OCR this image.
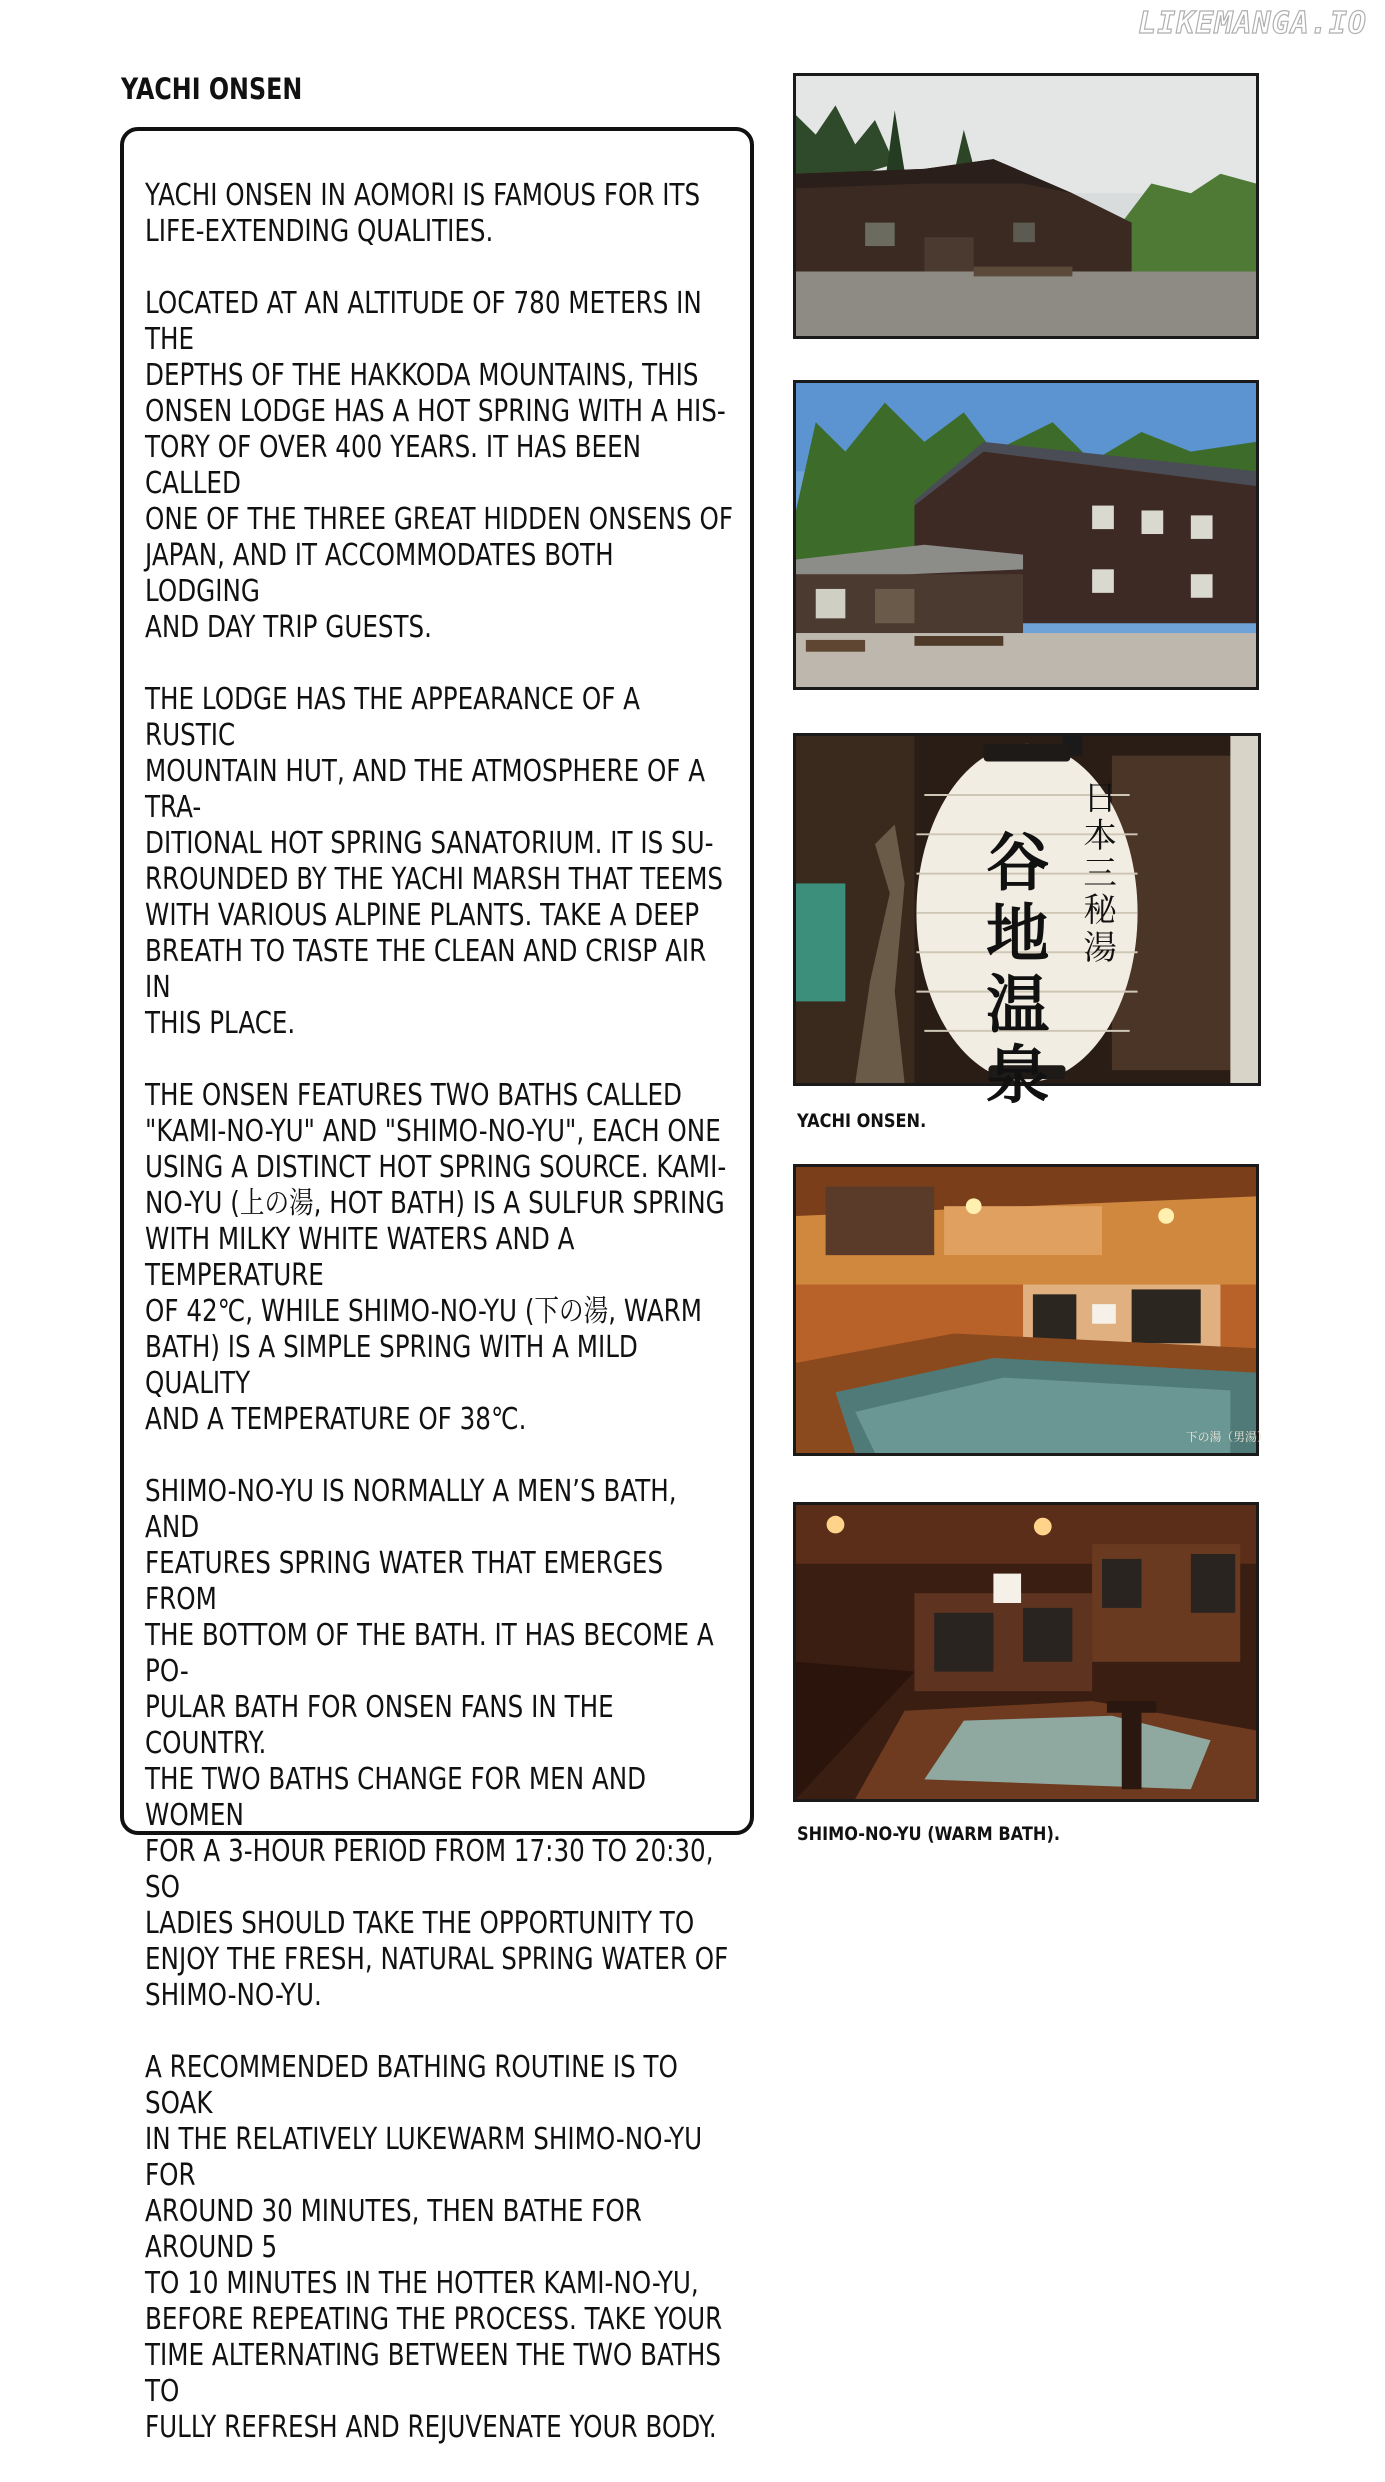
LIKEMANGA.IO
YACHI ONSEN

YACHI ONSEN IN AOMORI IS FAMOUS FOR ITS
LIFE-EXTENDING QUALITIES.

LOCATED AT AN ALTITUDE OF 780 METERS IN THE
DEPTHS OF THE HAKKODA MOUNTAINS, THIS
ONSEN LODGE HAS A HOT SPRING WITH A HIS-
TORY OF OVER 400 YEARS. IT HAS BEEN CALLED
ONE OF THE THREE GREAT HIDDEN ONSENS OF
JAPAN, AND IT ACCOMMODATES BOTH LODGING
AND DAY TRIP GUESTS.

THE LODGE HAS THE APPEARANCE OF A RUSTIC
MOUNTAIN HUT, AND THE ATMOSPHERE OF A TRA-
DITIONAL HOT SPRING SANATORIUM. IT IS SU-
RROUNDED BY THE YACHI MARSH THAT TEEMS
WITH VARIOUS ALPINE PLANTS. TAKE A DEEP
BREATH TO TASTE THE CLEAN AND CRISP AIR IN
THIS PLACE.

THE ONSEN FEATURES TWO BATHS CALLED
"KAMI-NO-YU" AND "SHIMO-NO-YU", EACH ONE
USING A DISTINCT HOT SPRING SOURCE. KAMI-
NO-YU (上の湯, HOT BATH) IS A SULFUR SPRING
WITH MILKY WHITE WATERS AND A TEMPERATURE
OF 42℃, WHILE SHIMO-NO-YU (下の湯, WARM
BATH) IS A SIMPLE SPRING WITH A MILD QUALITY
AND A TEMPERATURE OF 38℃.

SHIMO-NO-YU IS NORMALLY A MEN’S BATH, AND
FEATURES SPRING WATER THAT EMERGES FROM
THE BOTTOM OF THE BATH. IT HAS BECOME A PO-
PULAR BATH FOR ONSEN FANS IN THE COUNTRY.
THE TWO BATHS CHANGE FOR MEN AND WOMEN
FOR A 3-HOUR PERIOD FROM 17:30 TO 20:30, SO
LADIES SHOULD TAKE THE OPPORTUNITY TO
ENJOY THE FRESH, NATURAL SPRING WATER OF
SHIMO-NO-YU.

A RECOMMENDED BATHING ROUTINE IS TO SOAK
IN THE RELATIVELY LUKEWARM SHIMO-NO-YU FOR
AROUND 30 MINUTES, THEN BATHE FOR AROUND 5
TO 10 MINUTES IN THE HOTTER KAMI-NO-YU,
BEFORE REPEATING THE PROCESS. TAKE YOUR
TIME ALTERNATING BETWEEN THE TWO BATHS TO
FULLY REFRESH AND REJUVENATE YOUR BODY.

谷地温泉 日本三秘湯
下の湯（男湯）
YACHI ONSEN.
SHIMO-NO-YU (WARM BATH).
